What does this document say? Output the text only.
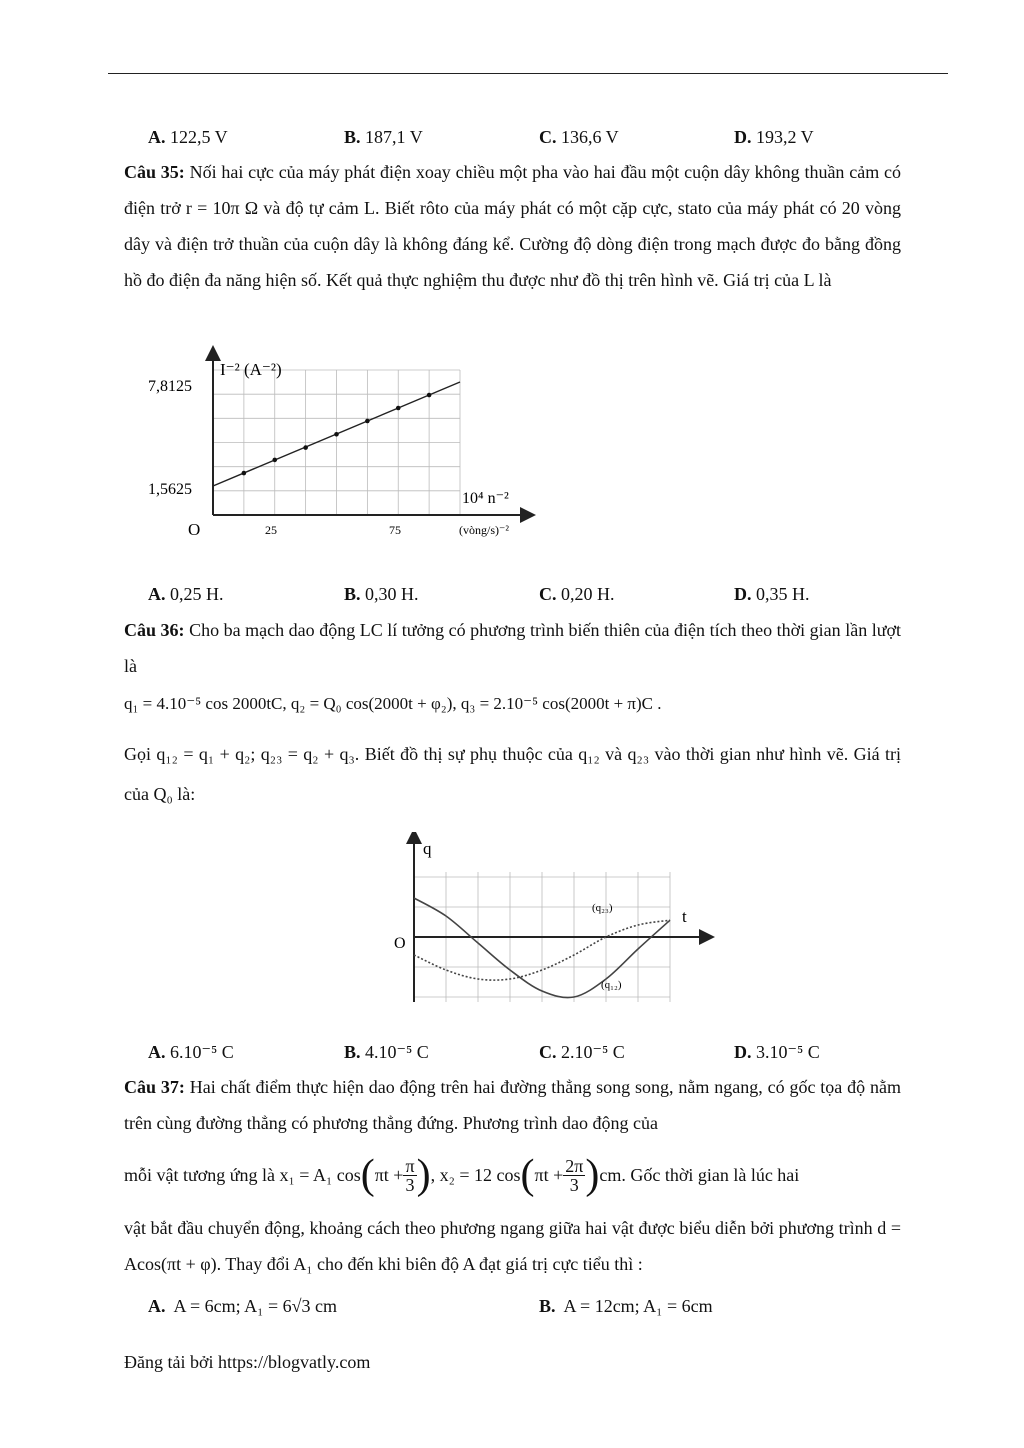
A. 122,5 V	B. 187,1 V	C. 136,6 V	D. 193,2 V
Câu 35: Nối hai cực của máy phát điện xoay chiều một pha vào hai đầu một cuộn dây không thuần cảm có điện trở r = 10π Ω và độ tự cảm L. Biết rôto của máy phát có một cặp cực, stato của máy phát có 20 vòng dây và điện trở thuần của cuộn dây là không đáng kể. Cường độ dòng điện trong mạch được đo bằng đồng hồ đo điện đa năng hiện số. Kết quả thực nghiệm thu được như đồ thị trên hình vẽ. Giá trị của L là
I⁻² (A⁻²)
7,8125
1,5625
O	25	75
10⁴ n⁻²
(vòng/s)⁻²
A. 0,25 H.	B. 0,30 H.	C. 0,20 H.	D. 0,35 H.
Câu 36: Cho ba mạch dao động LC lí tưởng có phương trình biến thiên của điện tích theo thời gian lần lượt là
q₁ = 4.10⁻⁵ cos 2000tC, q₂ = Q₀ cos(2000t + φ₂), q₃ = 2.10⁻⁵ cos(2000t + π)C .
Gọi q₁₂ = q₁ + q₂; q₂₃ = q₂ + q₃. Biết đồ thị sự phụ thuộc của q₁₂ và q₂₃ vào thời gian như hình vẽ. Giá trị của Q₀ là:
q
t
O
(q₂₃)
(q₁₂)
A. 6.10⁻⁵ C	B. 4.10⁻⁵ C	C. 2.10⁻⁵ C	D. 3.10⁻⁵ C
Câu 37: Hai chất điểm thực hiện dao động trên hai đường thẳng song song, nằm ngang, có gốc tọa độ nằm trên cùng đường thẳng có phương thẳng đứng. Phương trình dao động của
mỗi vật tương ứng là
x₁ = A₁ cos ( $\pi t + \frac{\pi}{3}$ ) , x₂ = 12 cos ( $\pi t + \frac{2\pi}{3}$ ) cm . Gốc thời gian là lúc hai
vật bắt đầu chuyển động, khoảng cách theo phương ngang giữa hai vật được biểu diễn bởi phương trình d = Acos(πt + φ). Thay đổi A₁ cho đến khi biên độ A đạt giá trị cực tiểu thì :
A. A = 6cm; A₁ = 6√3 cm	B. A = 12cm; A₁ = 6cm
Đăng tải bởi https://blogvatly.com
